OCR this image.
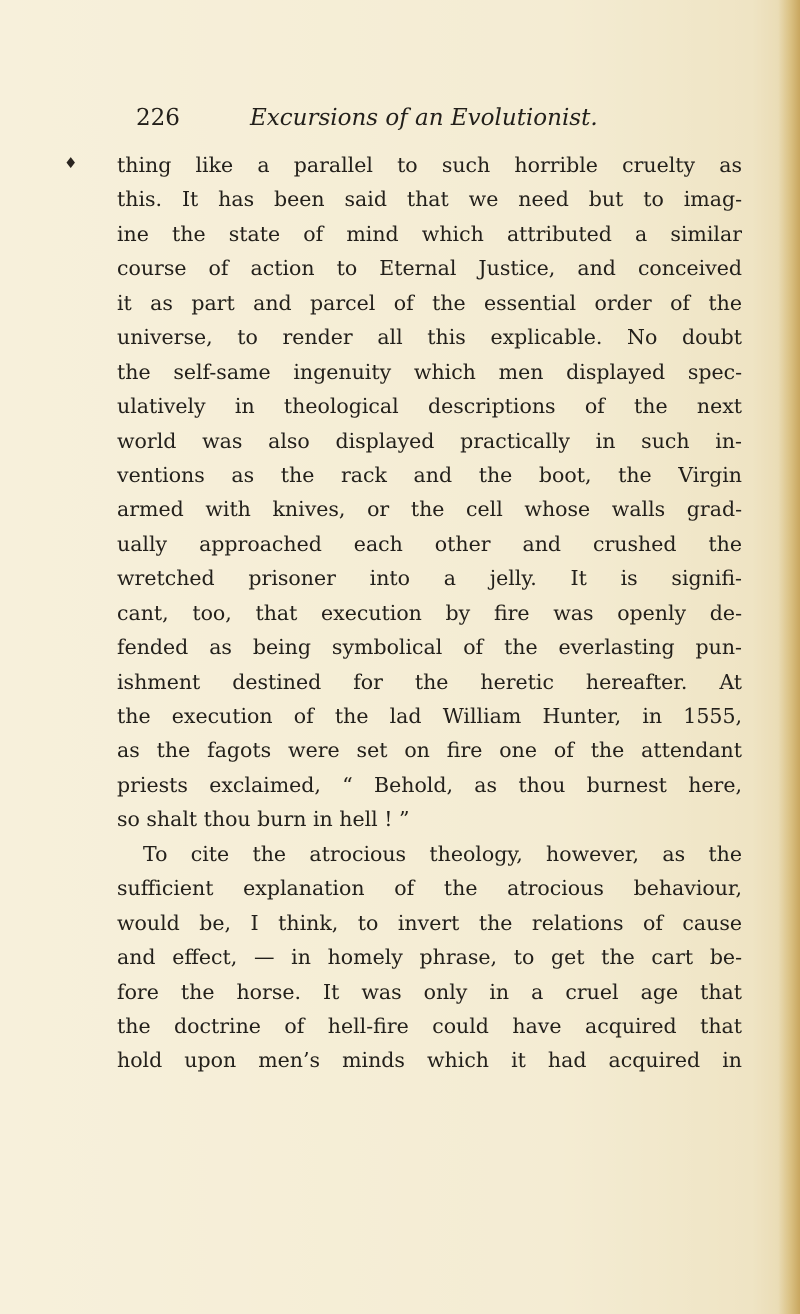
226	Excursions of an Evolutionist.
♦ thing like a parallel to such horrible cruelty as
this. It has been said that we need but to imag-
ine the state of mind which attributed a similar
course of action to Eternal Justice, and conceived
it as part and parcel of the essential order of the
universe, to render all this explicable. No doubt
the self-same ingenuity which men displayed spec-
ulatively in theological descriptions of the next
world was also displayed practically in such in-
ventions as the rack and the boot, the Virgin
armed with knives, or the cell whose walls grad-
ually approached each other and crushed the
wretched prisoner into a jelly. It is signifi-
cant, too, that execution by fire was openly de-
fended as being symbolical of the everlasting pun-
ishment destined for the heretic hereafter. At
the execution of the lad William Hunter, in 1555,
as the fagots were set on fire one of the attendant
priests exclaimed, “ Behold, as thou burnest here,
so shalt thou burn in hell ! ”
To cite the atrocious theology, however, as the
sufficient explanation of the atrocious behaviour,
would be, I think, to invert the relations of cause
and effect, — in homely phrase, to get the cart be-
fore the horse. It was only in a cruel age that
the doctrine of hell-fire could have acquired that
hold upon men’s minds which it had acquired in
